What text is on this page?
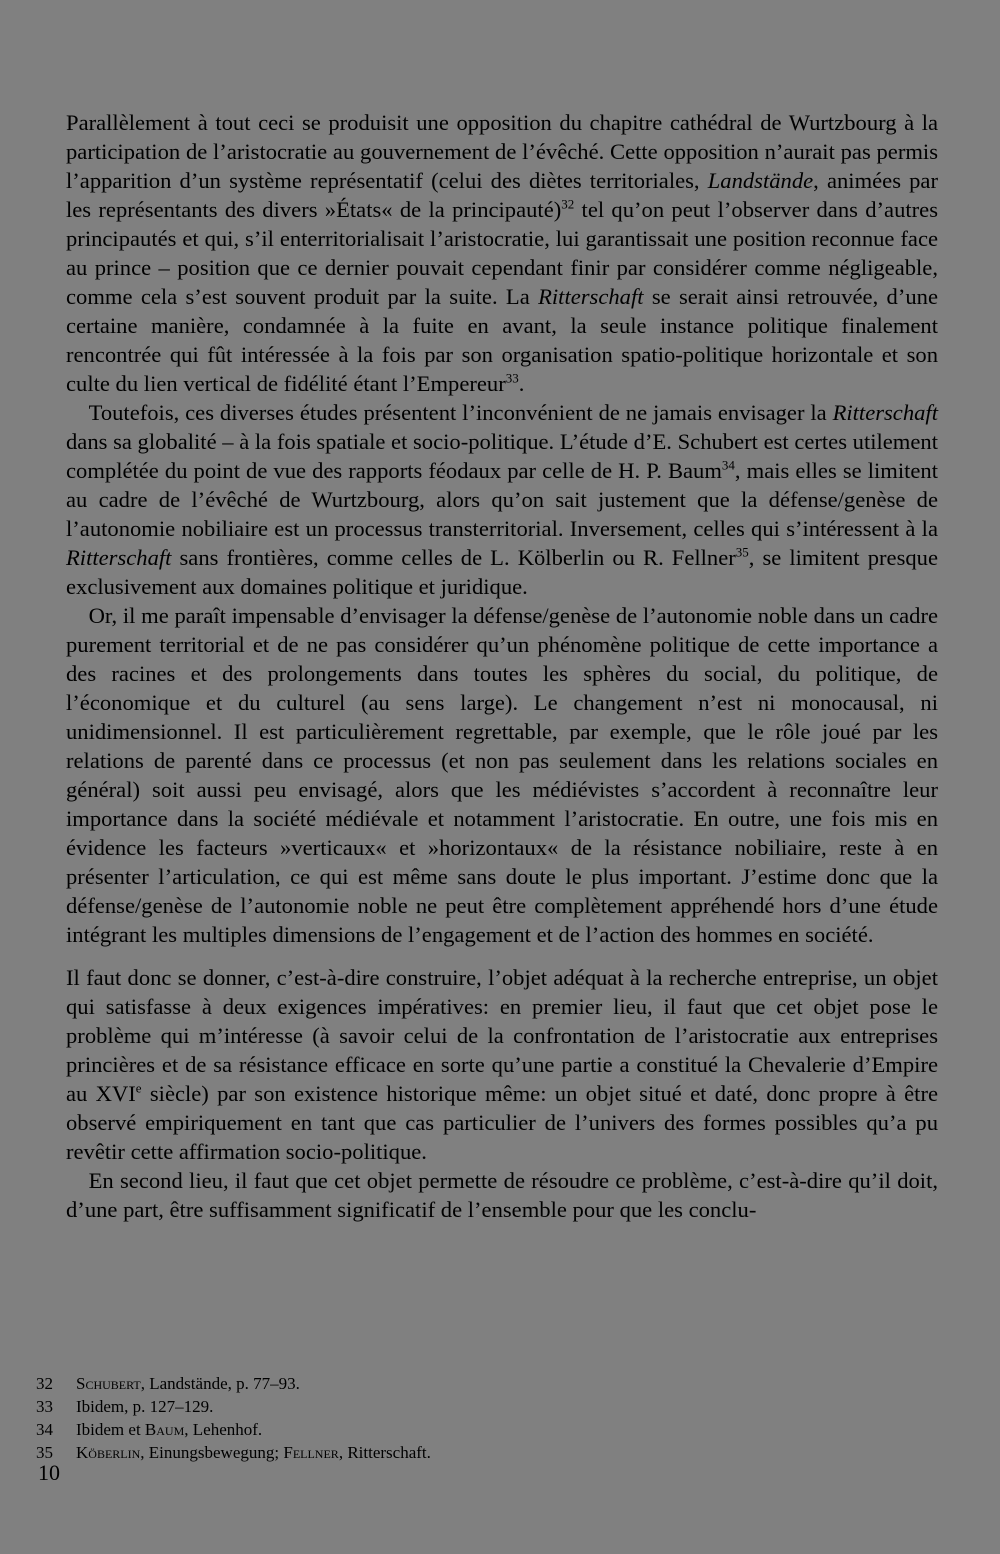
Parallèlement à tout ceci se produisit une opposition du chapitre cathédral de Wurtzbourg à la participation de l’aristocratie au gouvernement de l’évêché. Cette opposition n’aurait pas permis l’apparition d’un système représentatif (celui des diètes territoriales, Landstände, animées par les représentants des divers »États« de la principauté)$^{32}$ tel qu’on peut l’observer dans d’autres principautés et qui, s’il enterritorialisait l’aristocratie, lui garantissait une position reconnue face au prince – position que ce dernier pouvait cependant finir par considérer comme négligeable, comme cela s’est souvent produit par la suite. La Ritterschaft se serait ainsi retrouvée, d’une certaine manière, condamnée à la fuite en avant, la seule instance politique finalement rencontrée qui fût intéressée à la fois par son organisation spatio-politique horizontale et son culte du lien vertical de fidélité étant l’Empereur$^{33}$.

Toutefois, ces diverses études présentent l’inconvénient de ne jamais envisager la Ritterschaft dans sa globalité – à la fois spatiale et socio-politique. L’étude d’E. Schubert est certes utilement complétée du point de vue des rapports féodaux par celle de H. P. Baum$^{34}$, mais elles se limitent au cadre de l’évêché de Wurtzbourg, alors qu’on sait justement que la défense/genèse de l’autonomie nobiliaire est un processus transterritorial. Inversement, celles qui s’intéressent à la Ritterschaft sans frontières, comme celles de L. Kölberlin ou R. Fellner$^{35}$, se limitent presque exclusivement aux domaines politique et juridique.

Or, il me paraît impensable d’envisager la défense/genèse de l’autonomie noble dans un cadre purement territorial et de ne pas considérer qu’un phénomène politique de cette importance a des racines et des prolongements dans toutes les sphères du social, du politique, de l’économique et du culturel (au sens large). Le changement n’est ni monocausal, ni unidimensionnel. Il est particulièrement regrettable, par exemple, que le rôle joué par les relations de parenté dans ce processus (et non pas seulement dans les relations sociales en général) soit aussi peu envisagé, alors que les médiévistes s’accordent à reconnaître leur importance dans la société médiévale et notamment l’aristocratie. En outre, une fois mis en évidence les facteurs »verticaux« et »horizontaux« de la résistance nobiliaire, reste à en présenter l’articulation, ce qui est même sans doute le plus important. J’estime donc que la défense/genèse de l’autonomie noble ne peut être complètement appréhendé hors d’une étude intégrant les multiples dimensions de l’engagement et de l’action des hommes en société.

Il faut donc se donner, c’est-à-dire construire, l’objet adéquat à la recherche entreprise, un objet qui satisfasse à deux exigences impératives: en premier lieu, il faut que cet objet pose le problème qui m’intéresse (à savoir celui de la confrontation de l’aristocratie aux entreprises princières et de sa résistance efficace en sorte qu’une partie a constitué la Chevalerie d’Empire au XVIe siècle) par son existence historique même: un objet situé et daté, donc propre à être observé empiriquement en tant que cas particulier de l’univers des formes possibles qu’a pu revêtir cette affirmation socio-politique.

En second lieu, il faut que cet objet permette de résoudre ce problème, c’est-à-dire qu’il doit, d’une part, être suffisamment significatif de l’ensemble pour que les conclu-

32	Schubert, Landstände, p. 77–93.
33	Ibidem, p. 127–129.
34	Ibidem et Baum, Lehenhof.
35	Köberlin, Einungsbewegung; Fellner, Ritterschaft.
10
